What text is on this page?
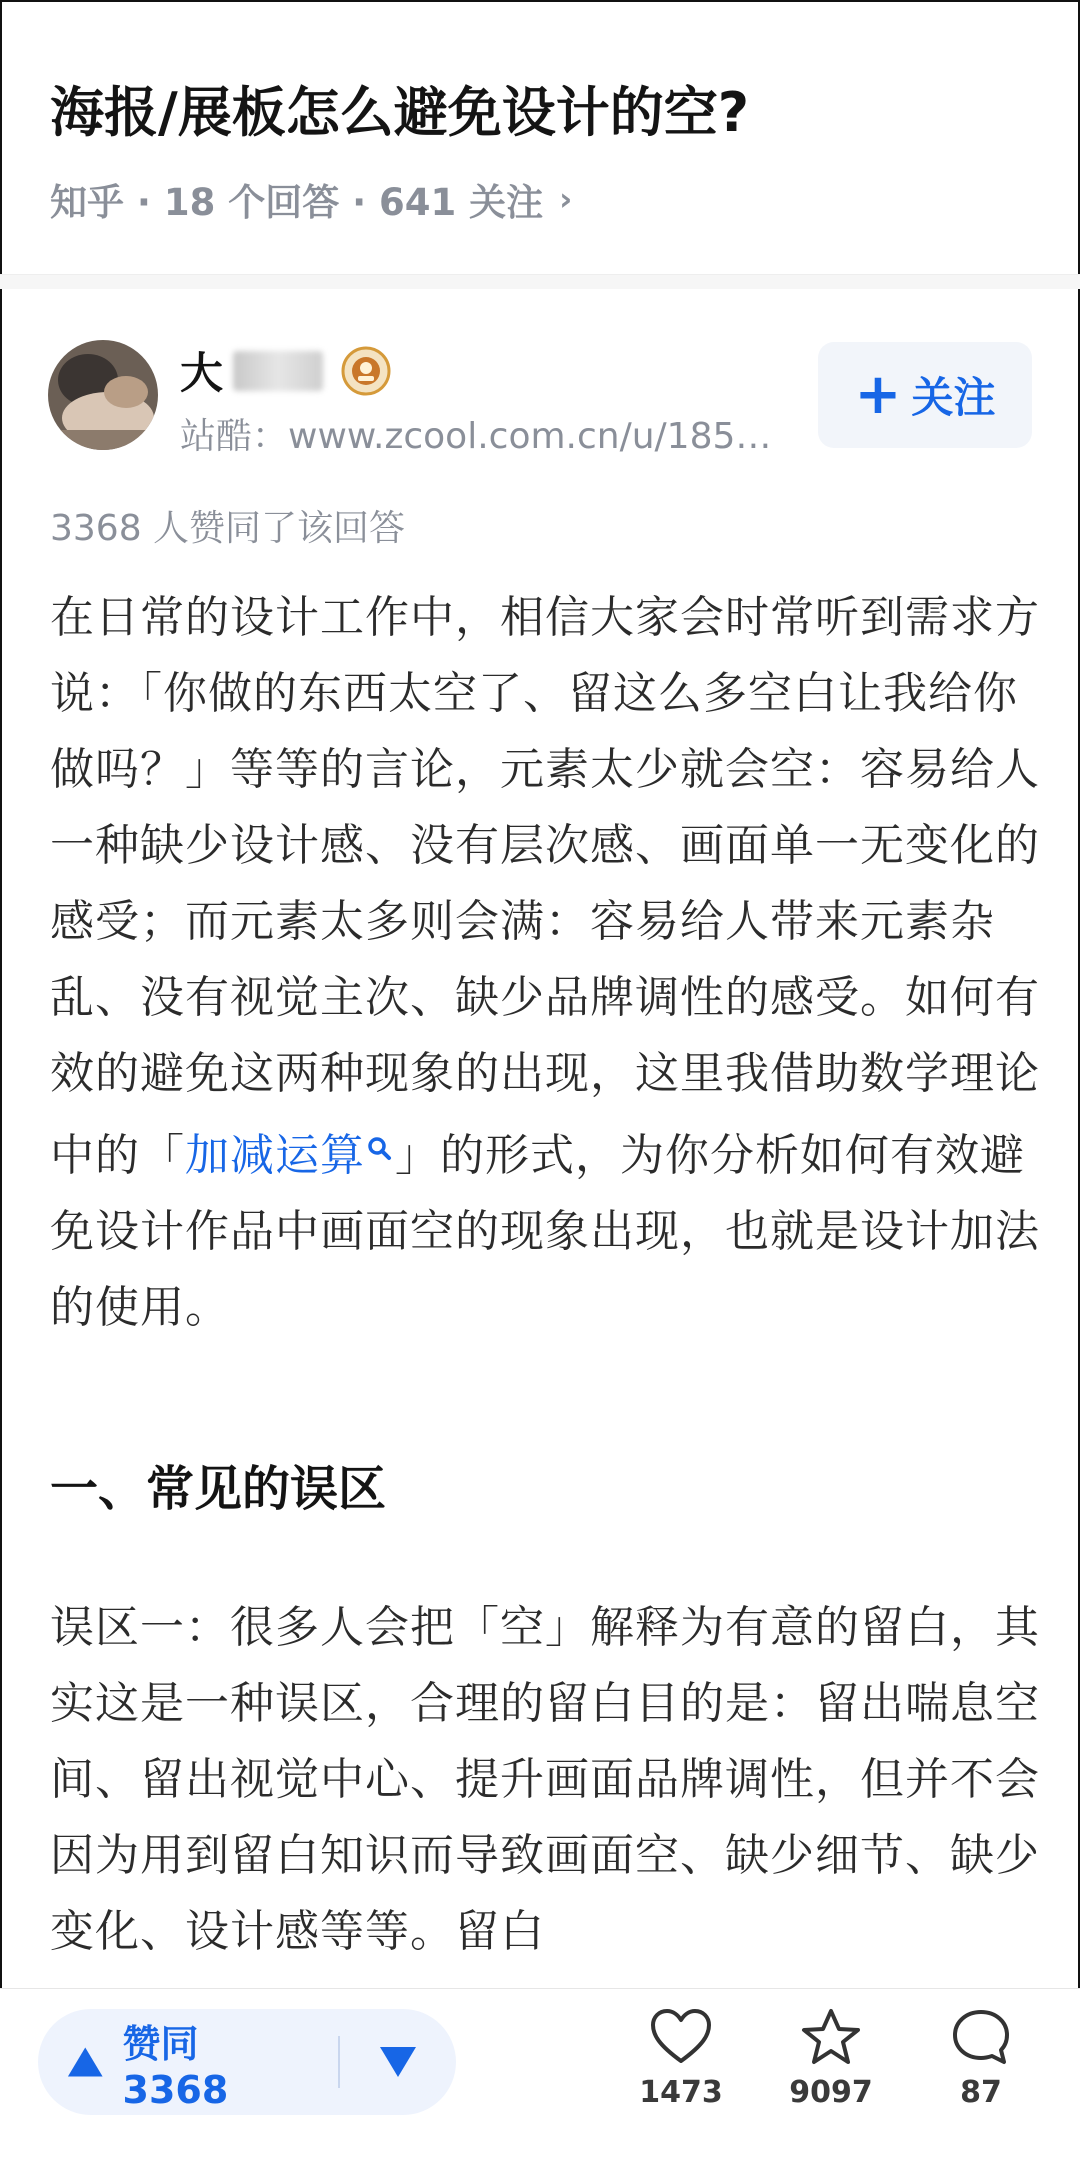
海报/展板怎么避免设计的空?
知乎 · 18 个回答 · 641 关注 ›
大
站酷：www.zcool.com.cn/u/185…
+ 关注
3368 人赞同了该回答
在日常的设计工作中，相信大家会时常听到需求方说：「你做的东西太空了、留这么多空白让我给你做吗？」等等的言论，元素太少就会空：容易给人一种缺少设计感、没有层次感、画面单一无变化的感受；而元素太多则会满：容易给人带来元素杂乱、没有视觉主次、缺少品牌调性的感受。如何有效的避免这两种现象的出现，这里我借助数学理论中的「加减运算 」的形式，为你分析如何有效避免设计作品中画面空的现象出现，也就是设计加法的使用。
一、常见的误区
误区一：很多人会把「空」解释为有意的留白，其实这是一种误区，合理的留白目的是：留出喘息空间、留出视觉中心、提升画面品牌调性，但并不会因为用到留白知识而导致画面空、缺少细节、缺少变化、设计感等等。留白
赞同 3368	1473 9097	87
